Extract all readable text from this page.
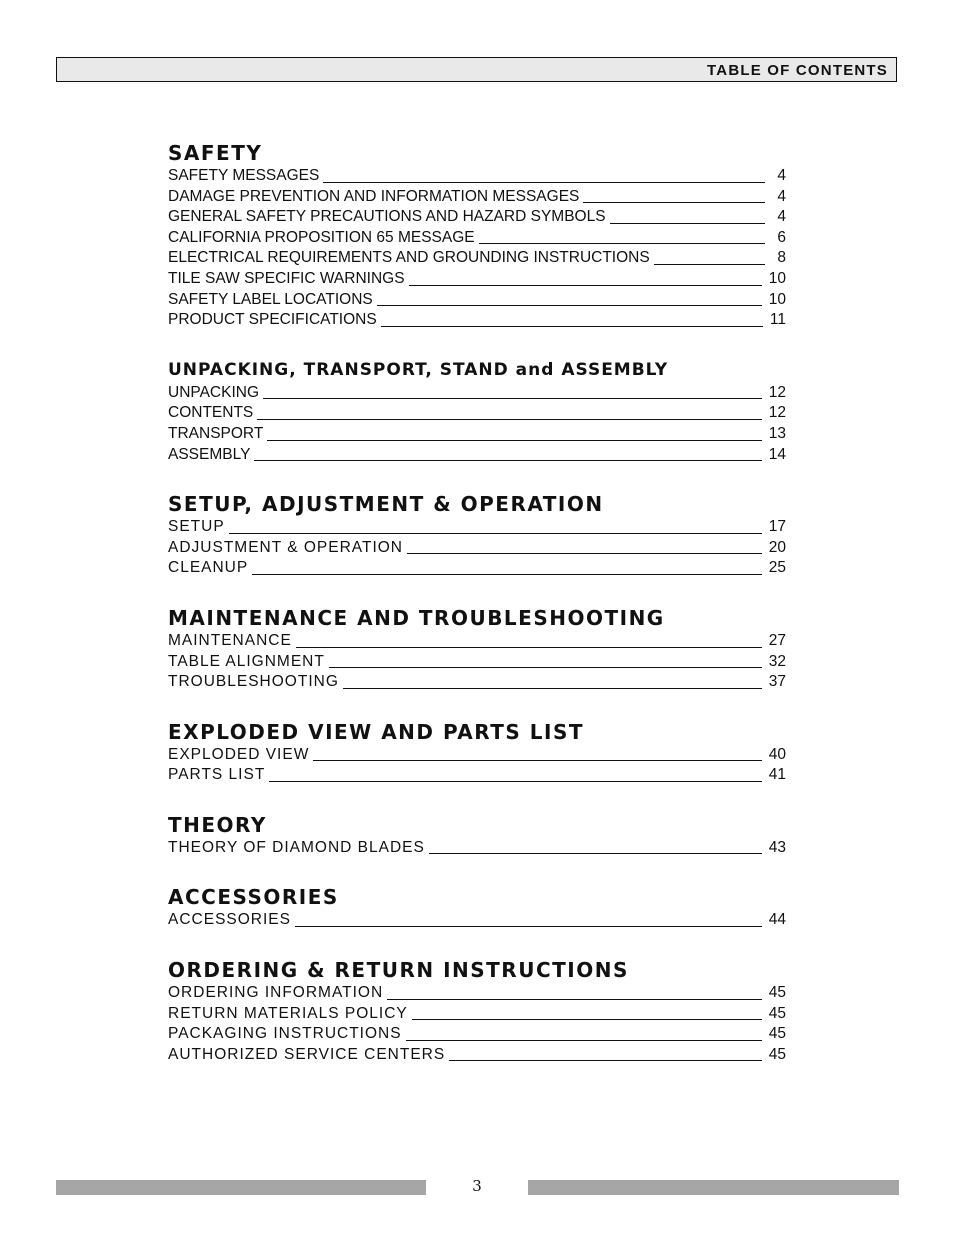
TABLE OF CONTENTS
SAFETY
SAFETY MESSAGES	4
DAMAGE PREVENTION AND INFORMATION MESSAGES	4
GENERAL SAFETY PRECAUTIONS AND HAZARD SYMBOLS	4
CALIFORNIA PROPOSITION 65 MESSAGE	6
ELECTRICAL REQUIREMENTS AND GROUNDING INSTRUCTIONS	8
TILE SAW SPECIFIC WARNINGS	10
SAFETY LABEL LOCATIONS	10
PRODUCT SPECIFICATIONS	11
UNPACKING, TRANSPORT, STAND and ASSEMBLY
UNPACKING	12
CONTENTS	12
TRANSPORT	13
ASSEMBLY	14
SETUP, ADJUSTMENT & OPERATION
SETUP	17
ADJUSTMENT & OPERATION	20
CLEANUP	25
MAINTENANCE AND TROUBLESHOOTING
MAINTENANCE	27
TABLE ALIGNMENT	32
TROUBLESHOOTING	37
EXPLODED VIEW AND PARTS LIST
EXPLODED VIEW	40
PARTS LIST	41
THEORY
THEORY OF DIAMOND BLADES	43
ACCESSORIES
ACCESSORIES	44
ORDERING & RETURN INSTRUCTIONS
ORDERING INFORMATION	45
RETURN MATERIALS POLICY	45
PACKAGING INSTRUCTIONS	45
AUTHORIZED SERVICE CENTERS	45
3
